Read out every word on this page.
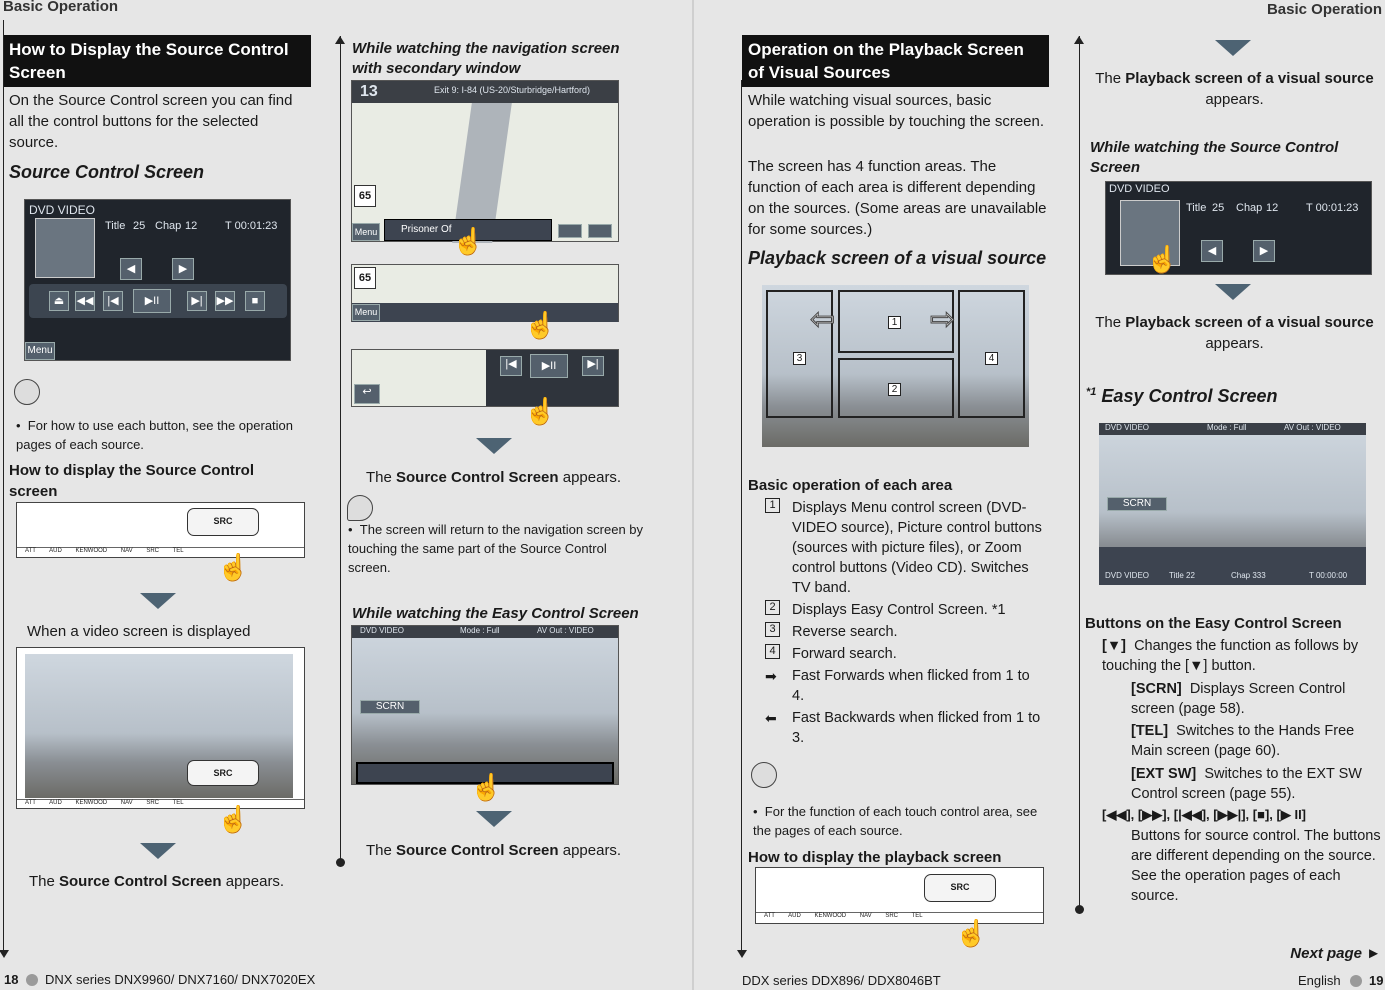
Basic Operation
How to Display the Source Control Screen
On the Source Control screen you can find all the control buttons for the selected source.
Source Control Screen
DVD VIDEO
Title 25 Chap 12	T 00:01:23
◀	▶
⏏	◀◀	|◀	▶II	▶|	▶▶	■
Menu
•  For how to use each button, see the operation pages of each source.
How to display the Source Control screen
SRC
ATT AUD KENWOOD NAV SRC TEL
☝
When a video screen is displayed
SRC
ATT AUD KENWOOD NAV SRC TEL
☝
The Source Control Screen appears.
While watching the navigation screen with secondary window
13	Exit 9: I-84 (US-20/Sturbridge/Hartford)
65
Menu	Prisoner Of ☝
65
Menu	☝
|◀	▶II	▶|
↩
☝
The Source Control Screen appears.
•  The screen will return to the navigation screen by touching the same part of the Source Control screen.
While watching the Easy Control Screen
DVD VIDEO	Mode : Full	AV Out : VIDEO
SCRN
☝
The Source Control Screen appears.
18 DNX series DNX9960/ DNX7160/ DNX7020EX
Basic Operation
Operation on the Playback Screen of Visual Sources
While watching visual sources, basic operation is possible by touching the screen.
The screen has 4 function areas. The function of each area is different depending on the sources. (Some areas are unavailable for some sources.)
Playback screen of a visual source
1
2
3	4
⇦	⇨
Basic operation of each area
1	Displays Menu control screen (DVD-VIDEO source), Picture control buttons (sources with picture files), or Zoom control buttons (Video CD). Switches TV band.
2	Displays Easy Control Screen. *1
3	Reverse search.
4	Forward search.
➡	Fast Forwards when flicked from 1 to 4.
⬅	Fast Backwards when flicked from 1 to 3.
•  For the function of each touch control area, see the pages of each source.
How to display the playback screen
SRC
ATT AUD KENWOOD NAV SRC TEL
☝
The Playback screen of a visual source appears.
While watching the Source Control Screen
DVD VIDEO
Title 25 Chap 12	T 00:01:23
◀	▶
☝
The Playback screen of a visual source appears.
$^{*1}$ Easy Control Screen
DVD VIDEO	Mode : Full	AV Out : VIDEO
SCRN
DVD VIDEO Title 22	Chap 333	T 00:00:00
Buttons on the Easy Control Screen
[▼] Changes the function as follows by touching the [▼] button.
[SCRN] Displays Screen Control screen (page 58).
[TEL] Switches to the Hands Free Main screen (page 60).
[EXT SW] Switches to the EXT SW Control screen (page 55).
[◀◀], [▶▶], [|◀◀], [▶▶|], [■], [▶ II]
Buttons for source control. The buttons are different depending on the source. See the operation pages of each source.
Next page ►
DDX series DDX896/ DDX8046BT	English 19
